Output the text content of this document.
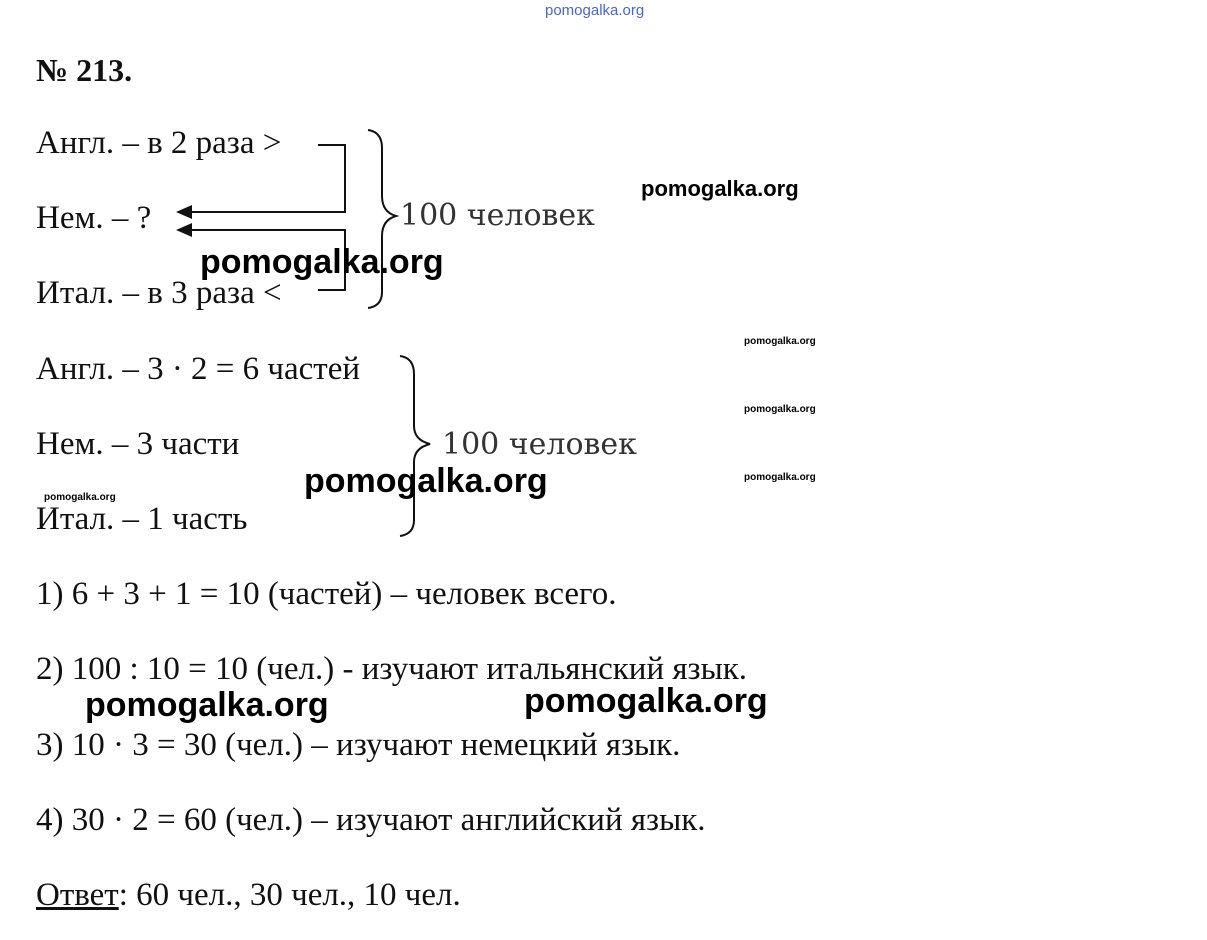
pomogalka.org
№ 213.
Англ. – в 2 раза >
Нем. – ?
Итал. – в 3 раза <
100 человек
Англ. – 3 · 2 = 6 частей
Нем. – 3 части
Итал. – 1 часть
100 человек
1) 6 + 3 + 1 = 10 (частей) – человек всего.
2) 100 : 10 = 10 (чел.) - изучают итальянский язык.
3) 10 · 3 = 30 (чел.) – изучают немецкий язык.
4) 30 · 2 = 60 (чел.) – изучают английский язык.
Ответ: 60 чел., 30 чел., 10 чел.
pomogalka.org
pomogalka.org
pomogalka.org
pomogalka.org
pomogalka.org
pomogalka.org	pomogalka.org
pomogalka.org	pomogalka.org
